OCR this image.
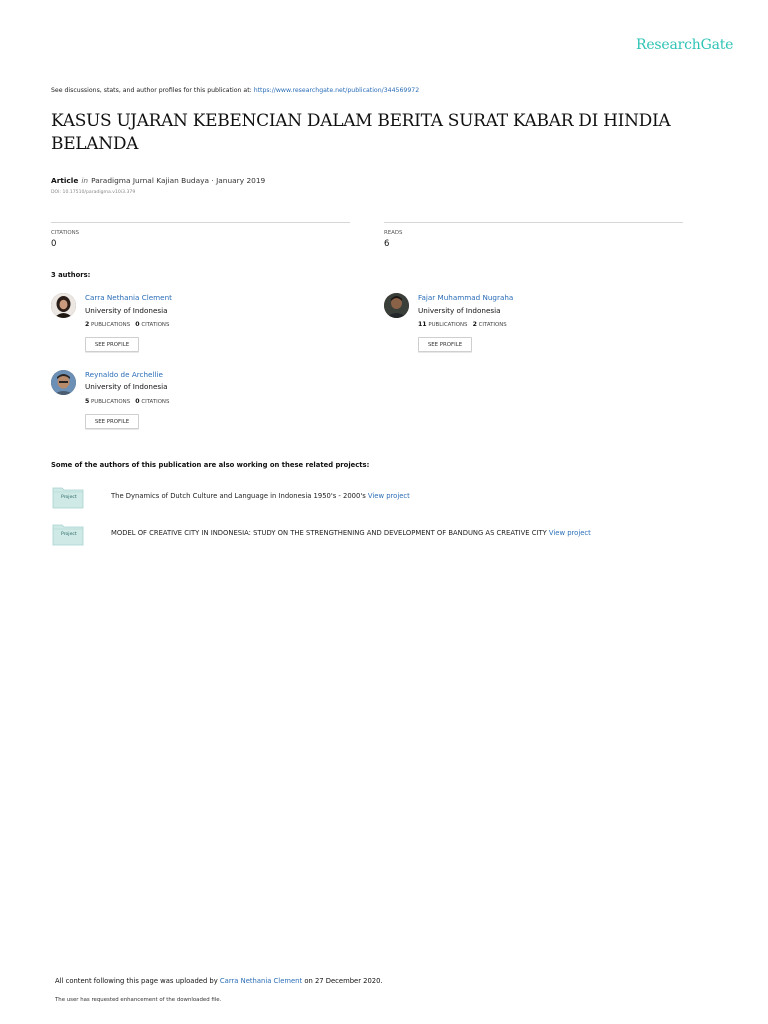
ResearchGate
See discussions, stats, and author profiles for this publication at: https://www.researchgate.net/publication/344569972
KASUS UJARAN KEBENCIAN DALAM BERITA SURAT KABAR DI HINDIA BELANDA
Article in Paradigma Jurnal Kajian Budaya · January 2019
DOI: 10.17510/paradigma.v10i3.379
CITATIONS
0
READS
6
3 authors:
Carra Nethania Clement
University of Indonesia
2 PUBLICATIONS 0 CITATIONS
SEE PROFILE
Fajar Muhammad Nugraha
University of Indonesia
11 PUBLICATIONS 2 CITATIONS
SEE PROFILE
Reynaldo de Archellie
University of Indonesia
5 PUBLICATIONS 0 CITATIONS
SEE PROFILE
Some of the authors of this publication are also working on these related projects:
Project	The Dynamics of Dutch Culture and Language in Indonesia 1950's - 2000's View project
Project	MODEL OF CREATIVE CITY IN INDONESIA: STUDY ON THE STRENGTHENING AND DEVELOPMENT OF BANDUNG AS CREATIVE CITY View project
All content following this page was uploaded by Carra Nethania Clement on 27 December 2020.
The user has requested enhancement of the downloaded file.
